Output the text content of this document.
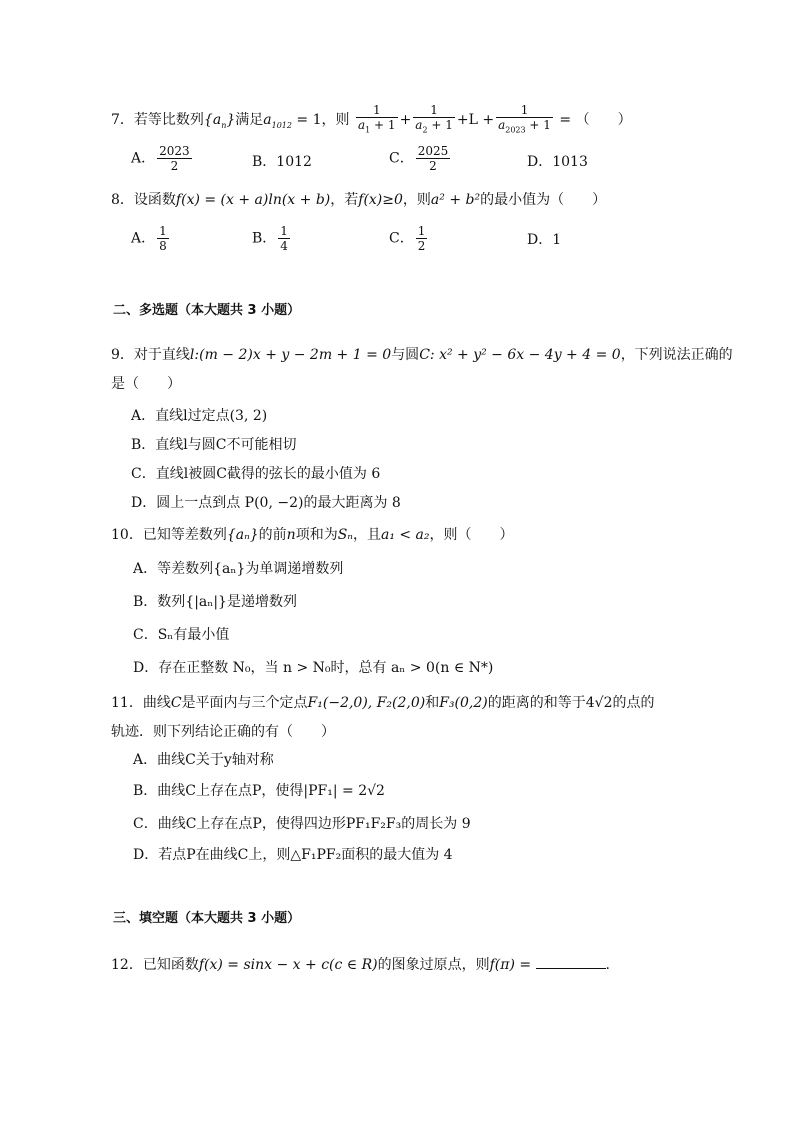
7．若等比数列$\{a_n\}$满足$a_{1012} = 1$，则 $\frac{1}{a_1 + 1} + \frac{1}{a_2 + 1} +L + \frac{1}{a_{2023} + 1}$ = （　　）
A． $\frac{2023}{2}$	B．1012	C． $\frac{2025}{2}$	D．1013
8．设函数f(x) = (x + a)ln(x + b)，若f(x)≥0，则a² + b²的最小值为（　　）
A． $\frac{1}{8}$	B． $\frac{1}{4}$	C． $\frac{1}{2}$	D．1
二、多选题（本大题共 3 小题）
9．对于直线l:(m − 2)x + y − 2m + 1 = 0与圆C: x² + y² − 6x − 4y + 4 = 0，下列说法正确的
是（　　）
A．直线l过定点(3, 2)
B．直线l与圆C不可能相切
C．直线l被圆C截得的弦长的最小值为 6
D．圆上一点到点 P(0, −2)的最大距离为 8
10．已知等差数列{aₙ}的前n项和为Sₙ，且a₁ < a₂，则（　　）
A．等差数列{aₙ}为单调递增数列
B．数列{|aₙ|}是递增数列
C．Sₙ有最小值
D．存在正整数 N₀，当 n > N₀时，总有 aₙ > 0(n ∈ N*)
11．曲线C是平面内与三个定点F₁(−2,0), F₂(2,0)和F₃(0,2)的距离的和等于4√2的点的
轨迹．则下列结论正确的有（　　）
A．曲线C关于y轴对称
B．曲线C上存在点P，使得|PF₁| = 2√2
C．曲线C上存在点P，使得四边形PF₁F₂F₃的周长为 9
D．若点P在曲线C上，则△F₁PF₂面积的最大值为 4
三、填空题（本大题共 3 小题）
12．已知函数f(x) = sinx − x + c(c ∈ R)的图象过原点，则f(π) =	.
